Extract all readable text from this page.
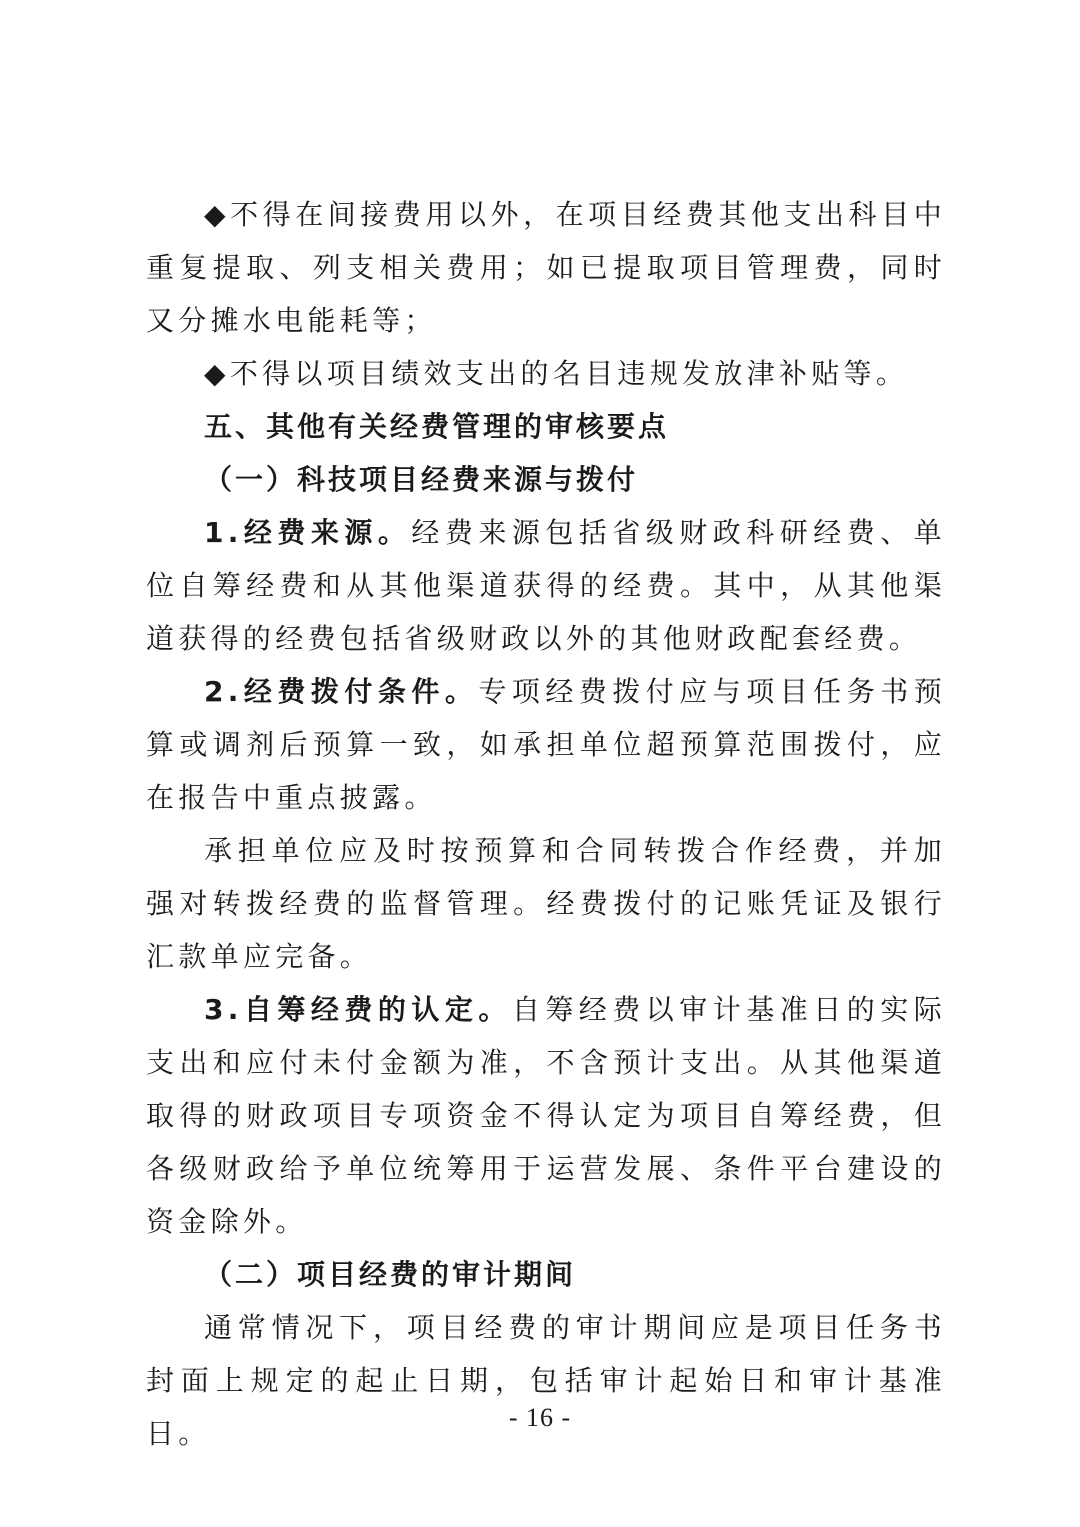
◆不得在间接费用以外，在项目经费其他支出科目中重复提取、列支相关费用；如已提取项目管理费，同时又分摊水电能耗等；

◆不得以项目绩效支出的名目违规发放津补贴等。

五、其他有关经费管理的审核要点

（一）科技项目经费来源与拨付

1.经费来源。经费来源包括省级财政科研经费、单位自筹经费和从其他渠道获得的经费。其中，从其他渠道获得的经费包括省级财政以外的其他财政配套经费。

2.经费拨付条件。专项经费拨付应与项目任务书预算或调剂后预算一致，如承担单位超预算范围拨付，应在报告中重点披露。

承担单位应及时按预算和合同转拨合作经费，并加强对转拨经费的监督管理。经费拨付的记账凭证及银行汇款单应完备。

3.自筹经费的认定。自筹经费以审计基准日的实际支出和应付未付金额为准，不含预计支出。从其他渠道取得的财政项目专项资金不得认定为项目自筹经费，但各级财政给予单位统筹用于运营发展、条件平台建设的资金除外。

（二）项目经费的审计期间

通常情况下，项目经费的审计期间应是项目任务书封面上规定的起止日期，包括审计起始日和审计基准日。	- 16 -
